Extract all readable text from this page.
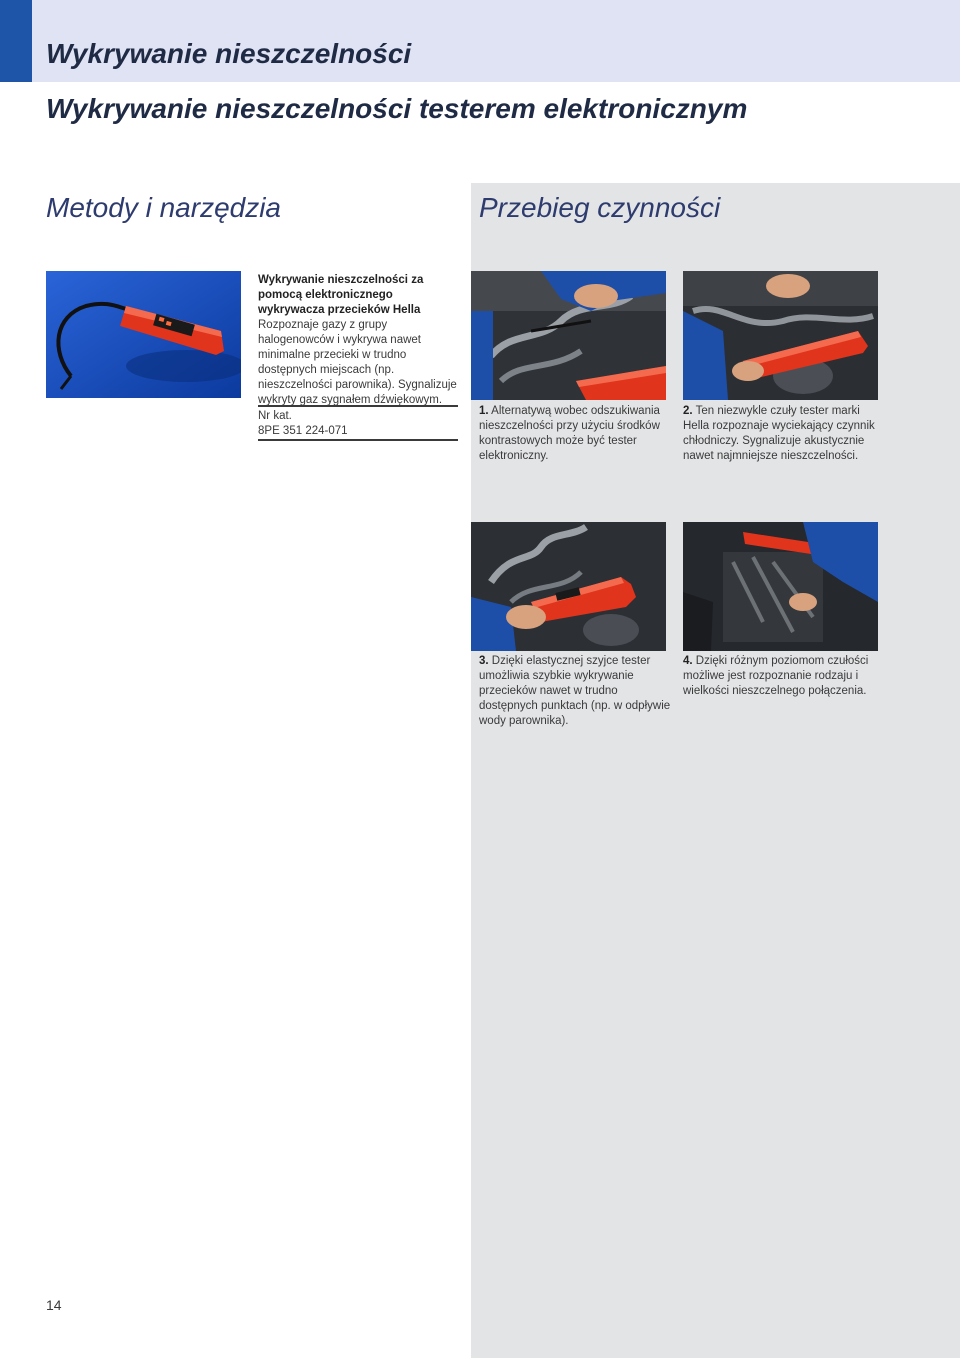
Wykrywanie nieszczelności
Wykrywanie nieszczelności testerem elektronicznym
Metody i narzędzia	Przebieg czynności
Wykrywanie nieszczelności za pomocą elektronicznego wykrywacza przecieków Hella
Rozpoznaje gazy z grupy halogenowców i wykrywa nawet minimalne przecieki w trudno dostępnych miejscach (np. nieszczelności parownika). Sygnalizuje wykryty gaz sygnałem dźwiękowym.
Nr kat.
8PE 351 224-071
1. Alternatywą wobec odszukiwania nieszczelności przy użyciu środków kontrastowych może być tester elektroniczny.
2. Ten niezwykle czuły tester marki Hella rozpoznaje wyciekający czynnik chłodniczy. Sygnalizuje akustycznie nawet najmniejsze nieszczelności.
3. Dzięki elastycznej szyjce tester umożliwia szybkie wykrywanie przecieków nawet w trudno dostępnych punktach (np. w odpływie wody parownika).
4. Dzięki różnym poziomom czułości możliwe jest rozpoznanie rodzaju i wielkości nieszczelnego połączenia.
14
